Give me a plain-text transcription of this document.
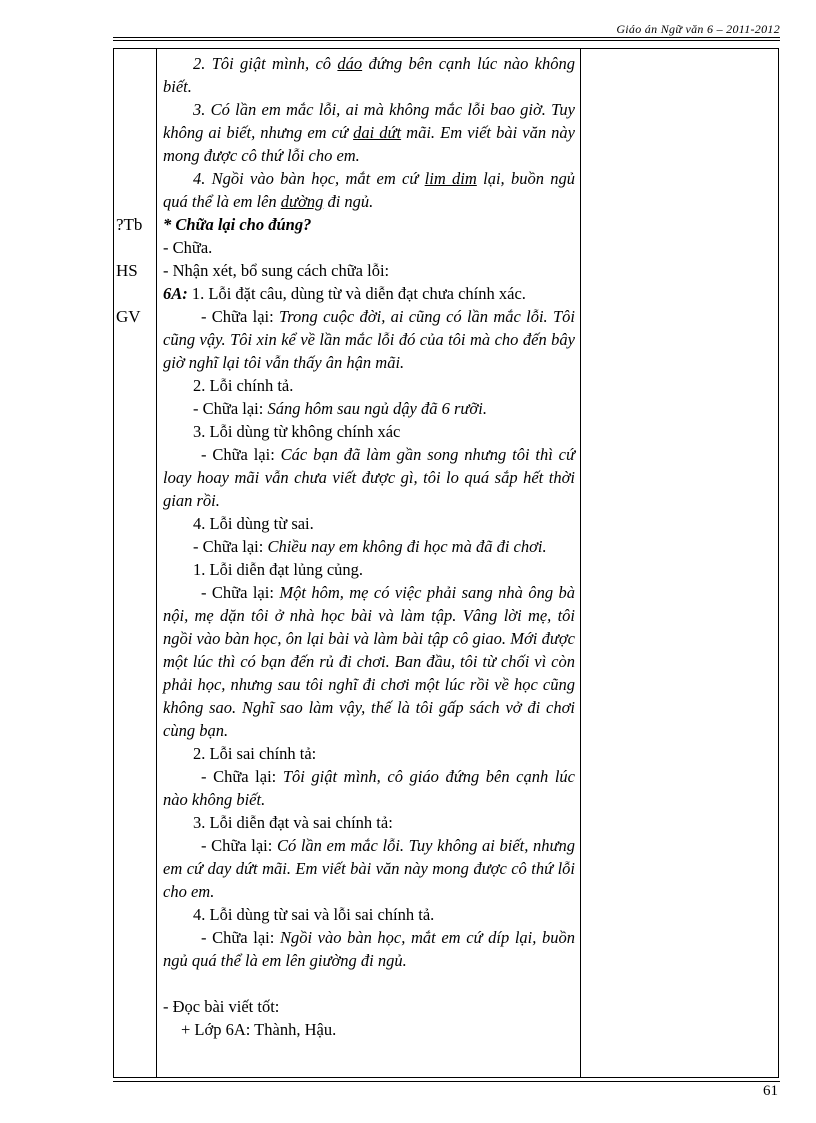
Giáo án Ngữ văn 6 – 2011-2012
?Tb
HS
GV

2. Tôi giật mình, cô dáo đứng bên cạnh lúc nào không biết.

3. Có lần em mắc lỗi, ai mà không mắc lỗi bao giờ. Tuy không ai biết, nhưng em cứ dai dứt mãi. Em viết bài văn này mong được cô thứ lỗi cho em.

4. Ngồi vào bàn học, mắt em cứ lim dim lại, buồn ngủ quá thể là em lên dường đi ngủ.

* Chữa lại cho đúng?

- Chữa.

- Nhận xét, bổ sung cách chữa lỗi:

6A: 1. Lỗi đặt câu, dùng từ và diễn đạt chưa chính xác.

- Chữa lại: Trong cuộc đời, ai cũng có lần mắc lỗi. Tôi cũng vậy. Tôi xin kể về lần mắc lỗi đó của tôi mà cho đến bây giờ nghĩ lại tôi vẫn thấy ân hận mãi.

2. Lỗi chính tả.

- Chữa lại: Sáng hôm sau ngủ dậy đã 6 rưỡi.

3. Lỗi dùng từ không chính xác

- Chữa lại: Các bạn đã làm gần song nhưng tôi thì cứ loay hoay mãi vẫn chưa viết được gì, tôi lo quá sắp hết thời gian rồi.

4. Lỗi dùng từ sai.

- Chữa lại: Chiều nay em không đi học mà đã đi chơi.

1. Lỗi diễn đạt lủng củng.

- Chữa lại: Một hôm, mẹ có việc phải sang nhà ông bà nội, mẹ dặn tôi ở nhà học bài và làm tập. Vâng lời mẹ, tôi ngồi vào bàn học, ôn lại bài và làm bài tập cô giao. Mới được một lúc thì có bạn đến rủ đi chơi. Ban đầu, tôi từ chối vì còn phải học, nhưng sau tôi nghĩ đi chơi một lúc rồi về học cũng không sao. Nghĩ sao làm vậy, thế là tôi gấp sách vở đi chơi cùng bạn.

2. Lỗi sai chính tả:

- Chữa lại: Tôi giật mình, cô giáo đứng bên cạnh lúc nào không biết.

3. Lỗi diễn đạt và sai chính tả:

- Chữa lại: Có lần em mắc lỗi. Tuy không ai biết, nhưng em cứ day dứt mãi. Em viết bài văn này mong được cô thứ lỗi cho em.

4. Lỗi dùng từ sai và lỗi sai chính tả.

- Chữa lại: Ngồi vào bàn học, mắt em cứ díp lại, buồn ngủ quá thể là em lên giường đi ngủ.

- Đọc bài viết tốt:

+ Lớp 6A: Thành, Hậu.

61
